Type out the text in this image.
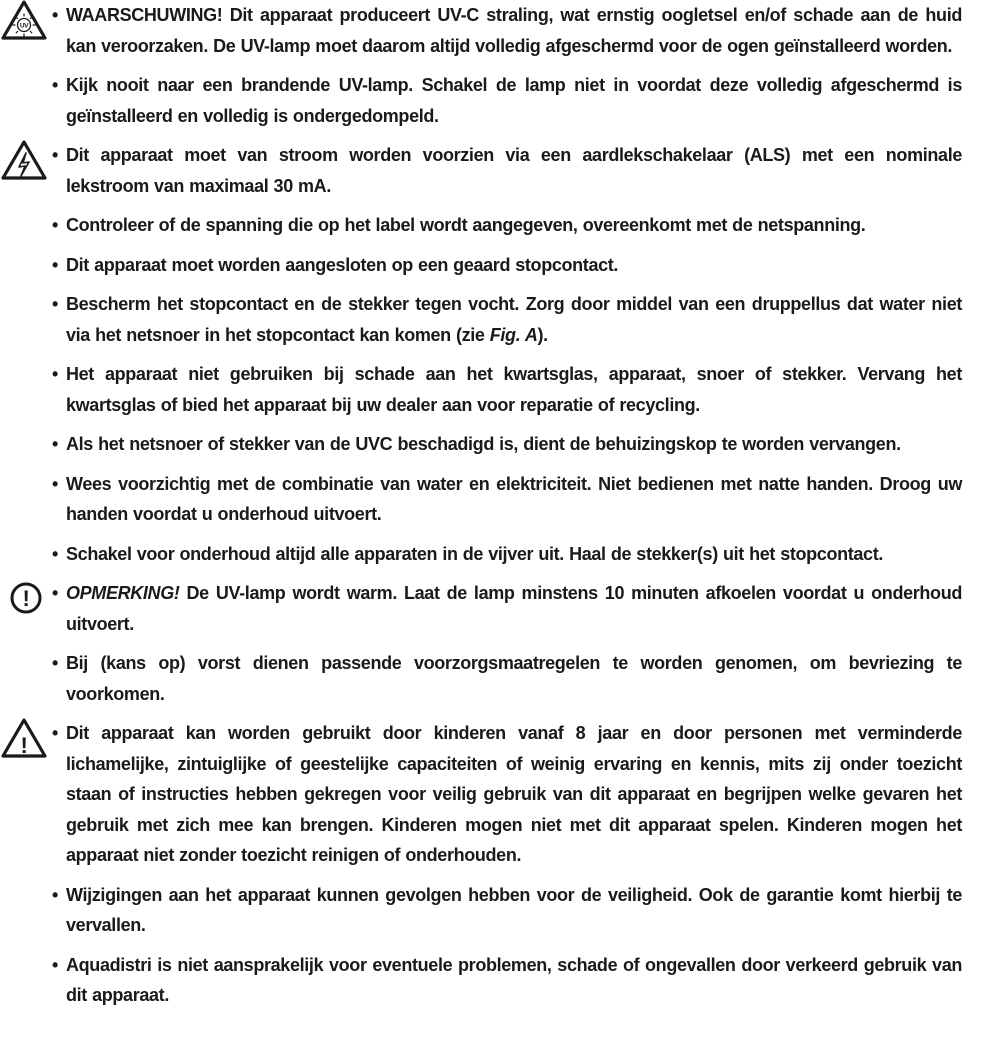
UV
• WAARSCHUWING! Dit apparaat produceert UV-C straling, wat ernstig oogletsel en/of schade aan de huid kan veroorzaken. De UV-lamp moet daarom altijd volledig afgeschermd voor de ogen geïnstalleerd worden.

• Kijk nooit naar een brandende UV-lamp. Schakel de lamp niet in voordat deze volledig afgeschermd is geïnstalleerd en volledig is ondergedompeld.

• Dit apparaat moet van stroom worden voorzien via een aardlekschakelaar (ALS) met een nominale lekstroom van maximaal 30 mA.

• Controleer of de spanning die op het label wordt aangegeven, overeenkomt met de netspanning.

• Dit apparaat moet worden aangesloten op een geaard stopcontact.

• Bescherm het stopcontact en de stekker tegen vocht. Zorg door middel van een druppellus dat water niet via het netsnoer in het stopcontact kan komen (zie Fig. A).

• Het apparaat niet gebruiken bij schade aan het kwartsglas, apparaat, snoer of stekker. Vervang het kwartsglas of bied het apparaat bij uw dealer aan voor reparatie of recycling.

• Als het netsnoer of stekker van de UVC beschadigd is, dient de behuizingskop te worden vervangen.

• Wees voorzichtig met de combinatie van water en elektriciteit. Niet bedienen met natte handen. Droog uw handen voordat u onderhoud uitvoert.

• Schakel voor onderhoud altijd alle apparaten in de vijver uit. Haal de stekker(s) uit het stopcontact.

! • OPMERKING! De UV-lamp wordt warm. Laat de lamp minstens 10 minuten afkoelen voordat u onderhoud uitvoert.

• Bij (kans op) vorst dienen passende voorzorgsmaatregelen te worden genomen, om bevriezing te voorkomen.

! • Dit apparaat kan worden gebruikt door kinderen vanaf 8 jaar en door personen met verminderde lichamelijke, zintuiglijke of geestelijke capaciteiten of weinig ervaring en kennis, mits zij onder toezicht staan of instructies hebben gekregen voor veilig gebruik van dit apparaat en begrijpen welke gevaren het gebruik met zich mee kan brengen. Kinderen mogen niet met dit apparaat spelen. Kinderen mogen het apparaat niet zonder toezicht reinigen of onderhouden.

• Wijzigingen aan het apparaat kunnen gevolgen hebben voor de veiligheid. Ook de garantie komt hierbij te vervallen.

• Aquadistri is niet aansprakelijk voor eventuele problemen, schade of ongevallen door verkeerd gebruik van dit apparaat.
